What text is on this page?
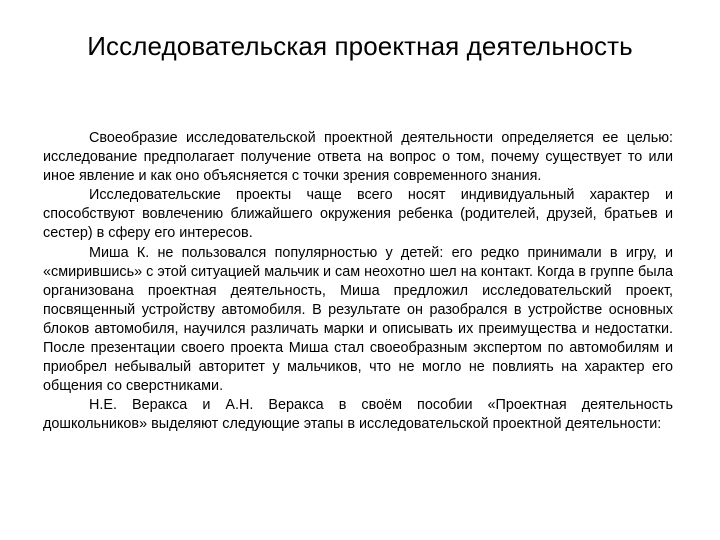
Исследовательская проектная деятельность

Своеобразие исследовательской проектной деятельности определяется ее целью: исследование предполагает получение ответа на вопрос о том, почему существует то или иное явление и как оно объясняется с точки зрения современного знания.

Исследовательские проекты чаще всего носят индивидуальный характер и способствуют вовлечению ближайшего окружения ребенка (родителей, друзей, братьев и сестер) в сферу его интересов.

Миша К. не пользовался популярностью у детей: его редко принимали в игру, и «смирившись» с этой ситуацией мальчик и сам неохотно шел на контакт. Когда в группе была организована проектная деятельность, Миша предложил исследовательский проект, посвященный устройству автомобиля. В результате он разобрался в устройстве основных блоков автомобиля, научился различать марки и описывать их преимущества и недостатки. После презентации своего проекта Миша стал своеобразным экспертом по автомобилям и приобрел небывалый авторитет у мальчиков, что не могло не повлиять на характер его общения со сверстниками.

Н.Е. Веракса и А.Н. Веракса в своём пособии «Проектная деятельность дошкольников» выделяют следующие этапы в исследовательской проектной деятельности:
